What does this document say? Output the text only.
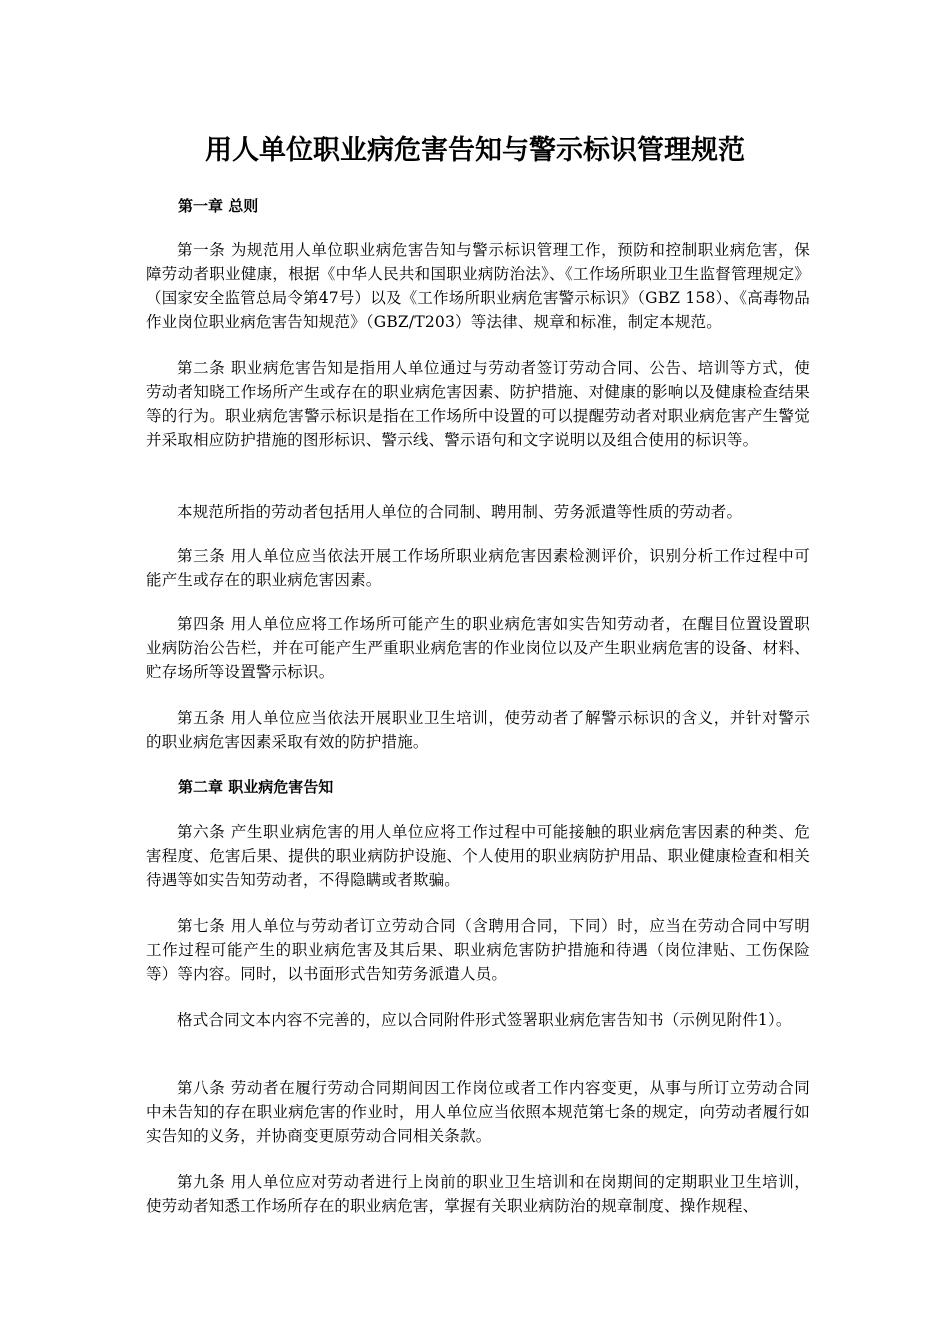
用人单位职业病危害告知与警示标识管理规范

第一章 总则

第一条 为规范用人单位职业病危害告知与警示标识管理工作，预防和控制职业病危害，保障劳动者职业健康，根据《中华人民共和国职业病防治法》、《工作场所职业卫生监督管理规定》（国家安全监管总局令第47号）以及《工作场所职业病危害警示标识》（GBZ 158）、《高毒物品作业岗位职业病危害告知规范》（GBZ/T203）等法律、规章和标准，制定本规范。

第二条 职业病危害告知是指用人单位通过与劳动者签订劳动合同、公告、培训等方式，使劳动者知晓工作场所产生或存在的职业病危害因素、防护措施、对健康的影响以及健康检查结果等的行为。职业病危害警示标识是指在工作场所中设置的可以提醒劳动者对职业病危害产生警觉并采取相应防护措施的图形标识、警示线、警示语句和文字说明以及组合使用的标识等。

本规范所指的劳动者包括用人单位的合同制、聘用制、劳务派遣等性质的劳动者。

第三条 用人单位应当依法开展工作场所职业病危害因素检测评价，识别分析工作过程中可能产生或存在的职业病危害因素。

第四条 用人单位应将工作场所可能产生的职业病危害如实告知劳动者，在醒目位置设置职业病防治公告栏，并在可能产生严重职业病危害的作业岗位以及产生职业病危害的设备、材料、贮存场所等设置警示标识。

第五条 用人单位应当依法开展职业卫生培训，使劳动者了解警示标识的含义，并针对警示的职业病危害因素采取有效的防护措施。

第二章 职业病危害告知

第六条 产生职业病危害的用人单位应将工作过程中可能接触的职业病危害因素的种类、危害程度、危害后果、提供的职业病防护设施、个人使用的职业病防护用品、职业健康检查和相关待遇等如实告知劳动者，不得隐瞒或者欺骗。

第七条 用人单位与劳动者订立劳动合同（含聘用合同，下同）时，应当在劳动合同中写明工作过程可能产生的职业病危害及其后果、职业病危害防护措施和待遇（岗位津贴、工伤保险等）等内容。同时，以书面形式告知劳务派遣人员。

格式合同文本内容不完善的，应以合同附件形式签署职业病危害告知书（示例见附件1）。

第八条 劳动者在履行劳动合同期间因工作岗位或者工作内容变更，从事与所订立劳动合同中未告知的存在职业病危害的作业时，用人单位应当依照本规范第七条的规定，向劳动者履行如实告知的义务，并协商变更原劳动合同相关条款。

第九条 用人单位应对劳动者进行上岗前的职业卫生培训和在岗期间的定期职业卫生培训，使劳动者知悉工作场所存在的职业病危害，掌握有关职业病防治的规章制度、操作规程、
